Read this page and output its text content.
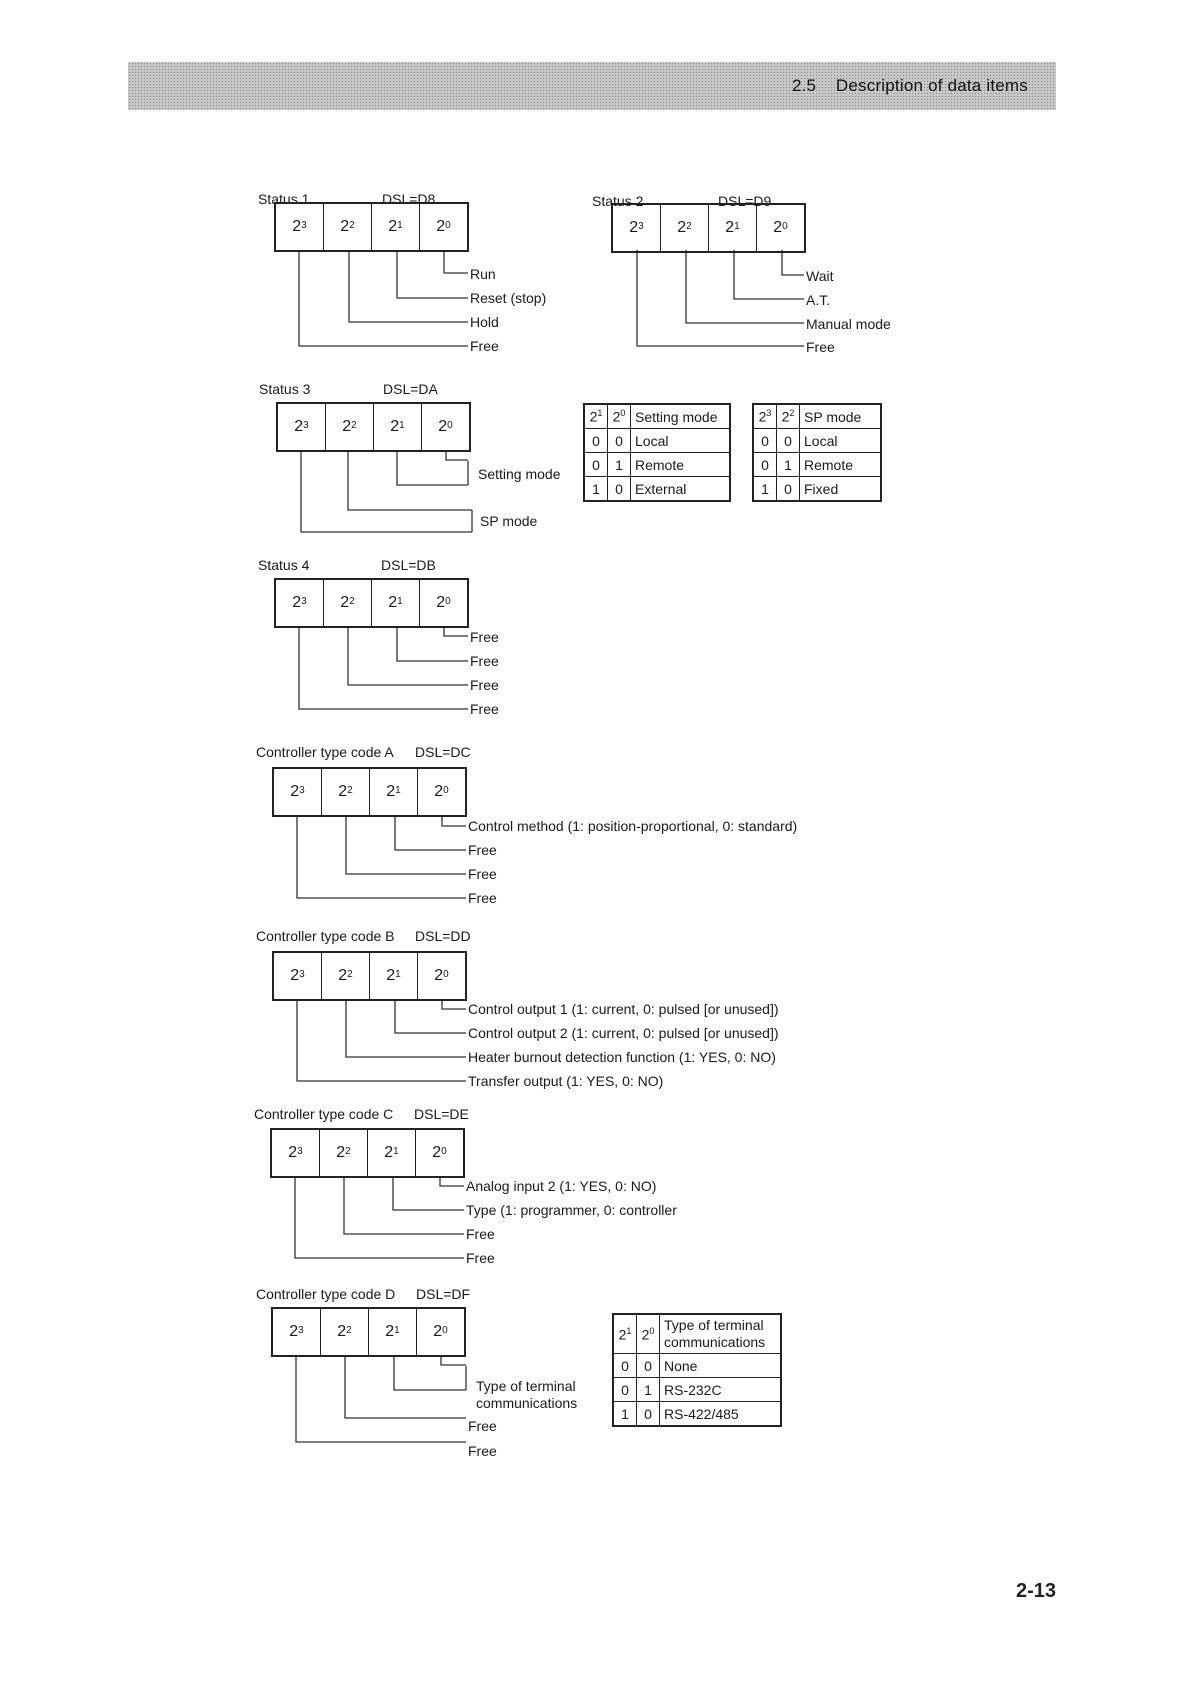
2.5 Description of data items
Status 1	DSL=D8
$2^3$ $2^2$ $2^1$ $2^0$
Run
Reset (stop)
Hold
Free
Status 2	DSL=D9
$2^3$ $2^2$ $2^1$ $2^0$
Wait
A.T.
Manual mode
Free
Status 3	DSL=DA
$2^3$ $2^2$ $2^1$ $2^0$
Setting mode
SP mode
$2^1$	$2^0$	Setting mode
0	0	Local
0	1	Remote
1	0	External
$2^3$	$2^2$	SP mode
0	0	Local
0	1	Remote
1	0	Fixed
Status 4	DSL=DB
$2^3$ $2^2$ $2^1$ $2^0$
Free
Free
Free
Free
Controller type code A DSL=DC
$2^3$ $2^2$ $2^1$ $2^0$
Control method (1: position-proportional, 0: standard)
Free
Free
Free
Controller type code B DSL=DD
$2^3$ $2^2$ $2^1$ $2^0$
Control output 1 (1: current, 0: pulsed [or unused])
Control output 2 (1: current, 0: pulsed [or unused])
Heater burnout detection function (1: YES, 0: NO)
Transfer output (1: YES, 0: NO)
Controller type code C DSL=DE
$2^3$ $2^2$ $2^1$ $2^0$
Analog input 2 (1: YES, 0: NO)
Type (1: programmer, 0: controller
Free
Free
Controller type code D DSL=DF
$2^3$ $2^2$ $2^1$ $2^0$
Type of terminal communications
Free
Free
$2^1$	$2^0$	Type of terminal communications
0	0	None
0	1	RS-232C
1	0	RS-422/485
2-13
